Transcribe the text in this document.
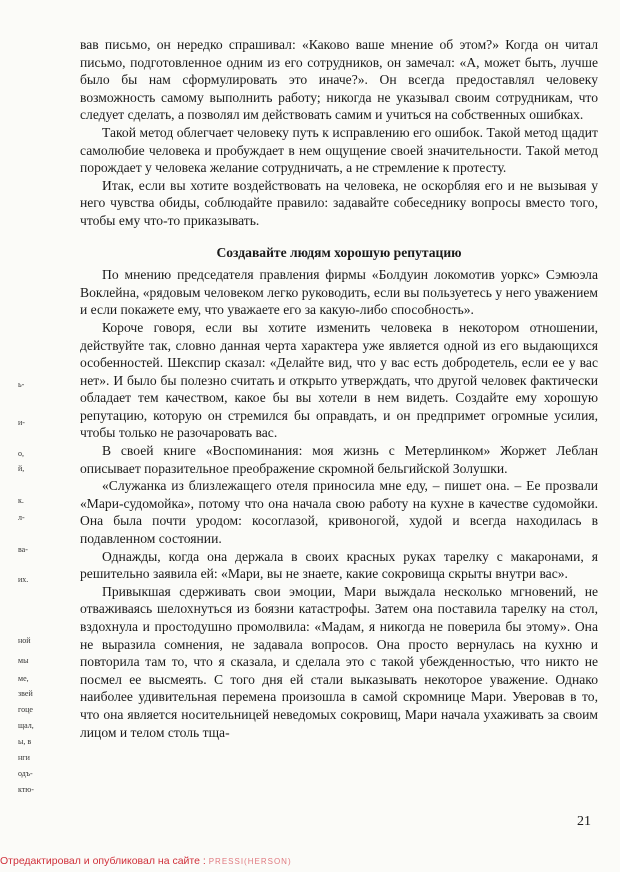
вав письмо, он нередко спрашивал: «Каково ваше мнение об этом?» Когда он читал письмо, подготовленное одним из его сотрудников, он замечал: «А, может быть, лучше было бы нам сформулировать это иначе?». Он всегда предоставлял человеку возможность самому выполнить работу; никогда не указывал своим сотрудникам, что следует сделать, а позволял им действовать самим и учиться на собственных ошибках.

Такой метод облегчает человеку путь к исправлению его ошибок. Такой метод щадит самолюбие человека и пробуждает в нем ощущение своей значительности. Такой метод порождает у человека желание сотрудничать, а не стремление к протесту.

Итак, если вы хотите воздействовать на человека, не оскорбляя его и не вызывая у него чувства обиды, соблюдайте правило: задавайте собеседнику вопросы вместо того, чтобы ему что-то приказывать.

Создавайте людям хорошую репутацию

По мнению председателя правления фирмы «Болдуин локомотив уоркс» Сэмюэла Воклейна, «рядовым человеком легко руководить, если вы пользуетесь у него уважением и если покажете ему, что уважаете его за какую-либо способность».

Короче говоря, если вы хотите изменить человека в некотором отношении, действуйте так, словно данная черта характера уже является одной из его выдающихся особенностей. Шекспир сказал: «Делайте вид, что у вас есть добродетель, если ее у вас нет». И было бы полезно считать и открыто утверждать, что другой человек фактически обладает тем качеством, какое бы вы хотели в нем видеть. Создайте ему хорошую репутацию, которую он стремился бы оправдать, и он предпримет огромные усилия, чтобы только не разочаровать вас.

В своей книге «Воспоминания: моя жизнь с Метерлинком» Жоржет Леблан описывает поразительное преображение скромной бельгийской Золушки.

«Служанка из близлежащего отеля приносила мне еду, – пишет она. – Ее прозвали «Мари-судомойка», потому что она начала свою работу на кухне в качестве судомойки. Она была почти уродом: косоглазой, кривоногой, худой и всегда находилась в подавленном состоянии.

Однажды, когда она держала в своих красных руках тарелку с макаронами, я решительно заявила ей: «Мари, вы не знаете, какие сокровища скрыты внутри вас».

Привыкшая сдерживать свои эмоции, Мари выждала несколько мгновений, не отваживаясь шелохнуться из боязни катастрофы. Затем она поставила тарелку на стол, вздохнула и простодушно промолвила: «Мадам, я никогда не поверила бы этому». Она не выразила сомнения, не задавала вопросов. Она просто вернулась на кухню и повторила там то, что я сказала, и сделала это с такой убежденностью, что никто не посмел ее высмеять. С того дня ей стали выказывать некоторое уважение. Однако наиболее удивительная перемена произошла в самой скромнице Мари. Уверовав в то, что она является носительницей неведомых сокровищ, Мари начала ухаживать за своим лицом и телом столь тща-

ь-
и-
о,
й,
к.
л-
ва-
их.
ной
мы
ме,
звей
гоце
щал,
ы, в
нги
одъ-
ктю-
21
Отредактировал и опубликовал на сайте : PRESSI(HERSON)
